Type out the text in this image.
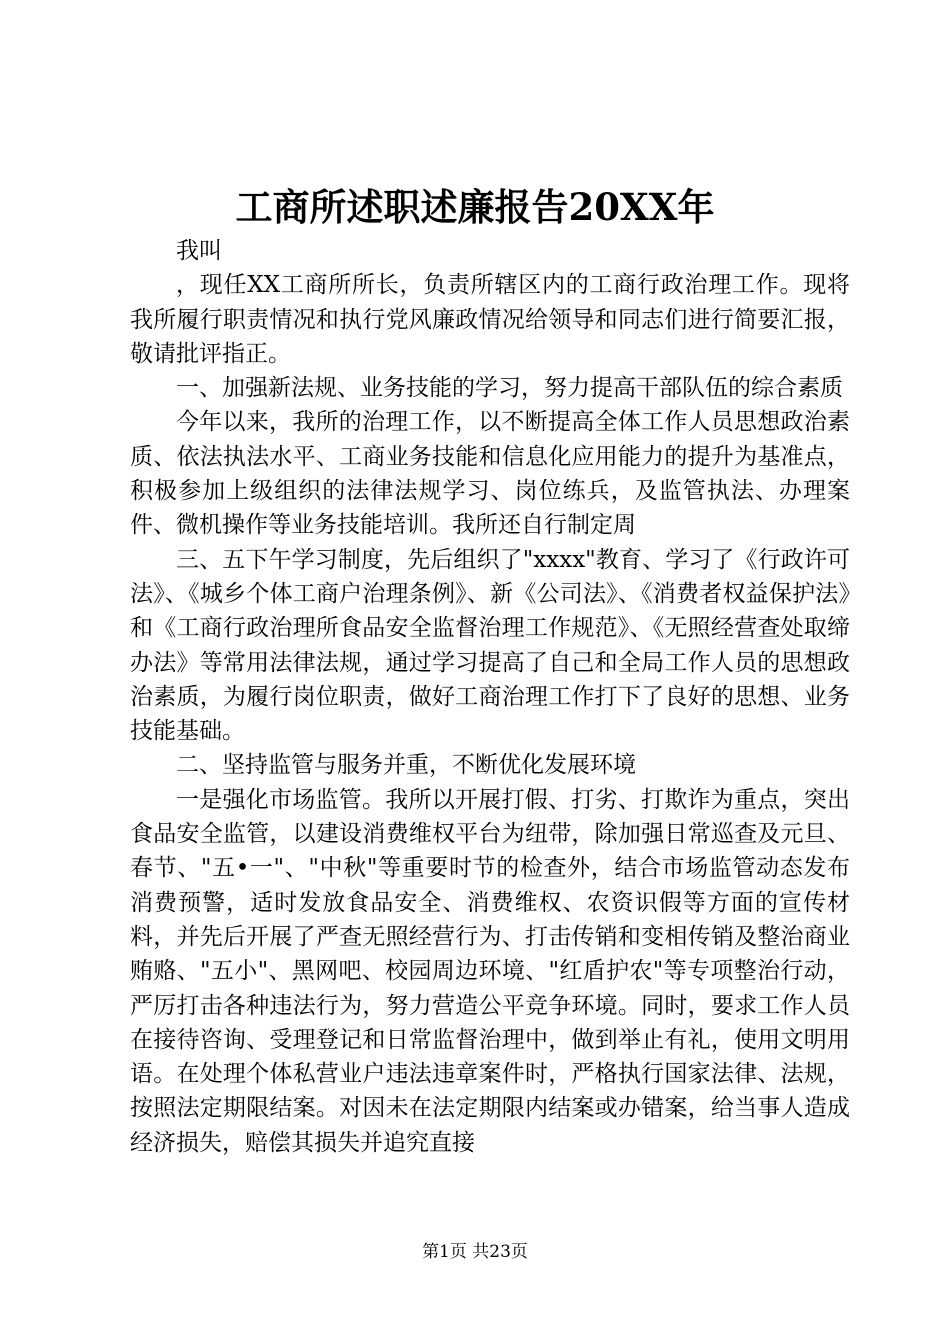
工商所述职述廉报告20XX年

我叫

，现任XX工商所所长，负责所辖区内的工商行政治理工作。现将我所履行职责情况和执行党风廉政情况给领导和同志们进行简要汇报，敬请批评指正。

一、加强新法规、业务技能的学习，努力提高干部队伍的综合素质

今年以来，我所的治理工作，以不断提高全体工作人员思想政治素质、依法执法水平、工商业务技能和信息化应用能力的提升为基准点，积极参加上级组织的法律法规学习、岗位练兵，及监管执法、办理案件、微机操作等业务技能培训。我所还自行制定周

三、五下午学习制度，先后组织了"xxxx"教育、学习了《行政许可法》、《城乡个体工商户治理条例》、新《公司法》、《消费者权益保护法》和《工商行政治理所食品安全监督治理工作规范》、《无照经营查处取缔办法》等常用法律法规，通过学习提高了自己和全局工作人员的思想政治素质，为履行岗位职责，做好工商治理工作打下了良好的思想、业务技能基础。

二、坚持监管与服务并重，不断优化发展环境

一是强化市场监管。我所以开展打假、打劣、打欺诈为重点，突出食品安全监管，以建设消费维权平台为纽带，除加强日常巡查及元旦、春节、"五•一"、"中秋"等重要时节的检查外，结合市场监管动态发布消费预警，适时发放食品安全、消费维权、农资识假等方面的宣传材料，并先后开展了严查无照经营行为、打击传销和变相传销及整治商业贿赂、"五小"、黑网吧、校园周边环境、"红盾护农"等专项整治行动，严厉打击各种违法行为，努力营造公平竞争环境。同时，要求工作人员在接待咨询、受理登记和日常监督治理中，做到举止有礼，使用文明用语。在处理个体私营业户违法违章案件时，严格执行国家法律、法规，按照法定期限结案。对因未在法定期限内结案或办错案，给当事人造成经济损失，赔偿其损失并追究直接

第1页 共23页
